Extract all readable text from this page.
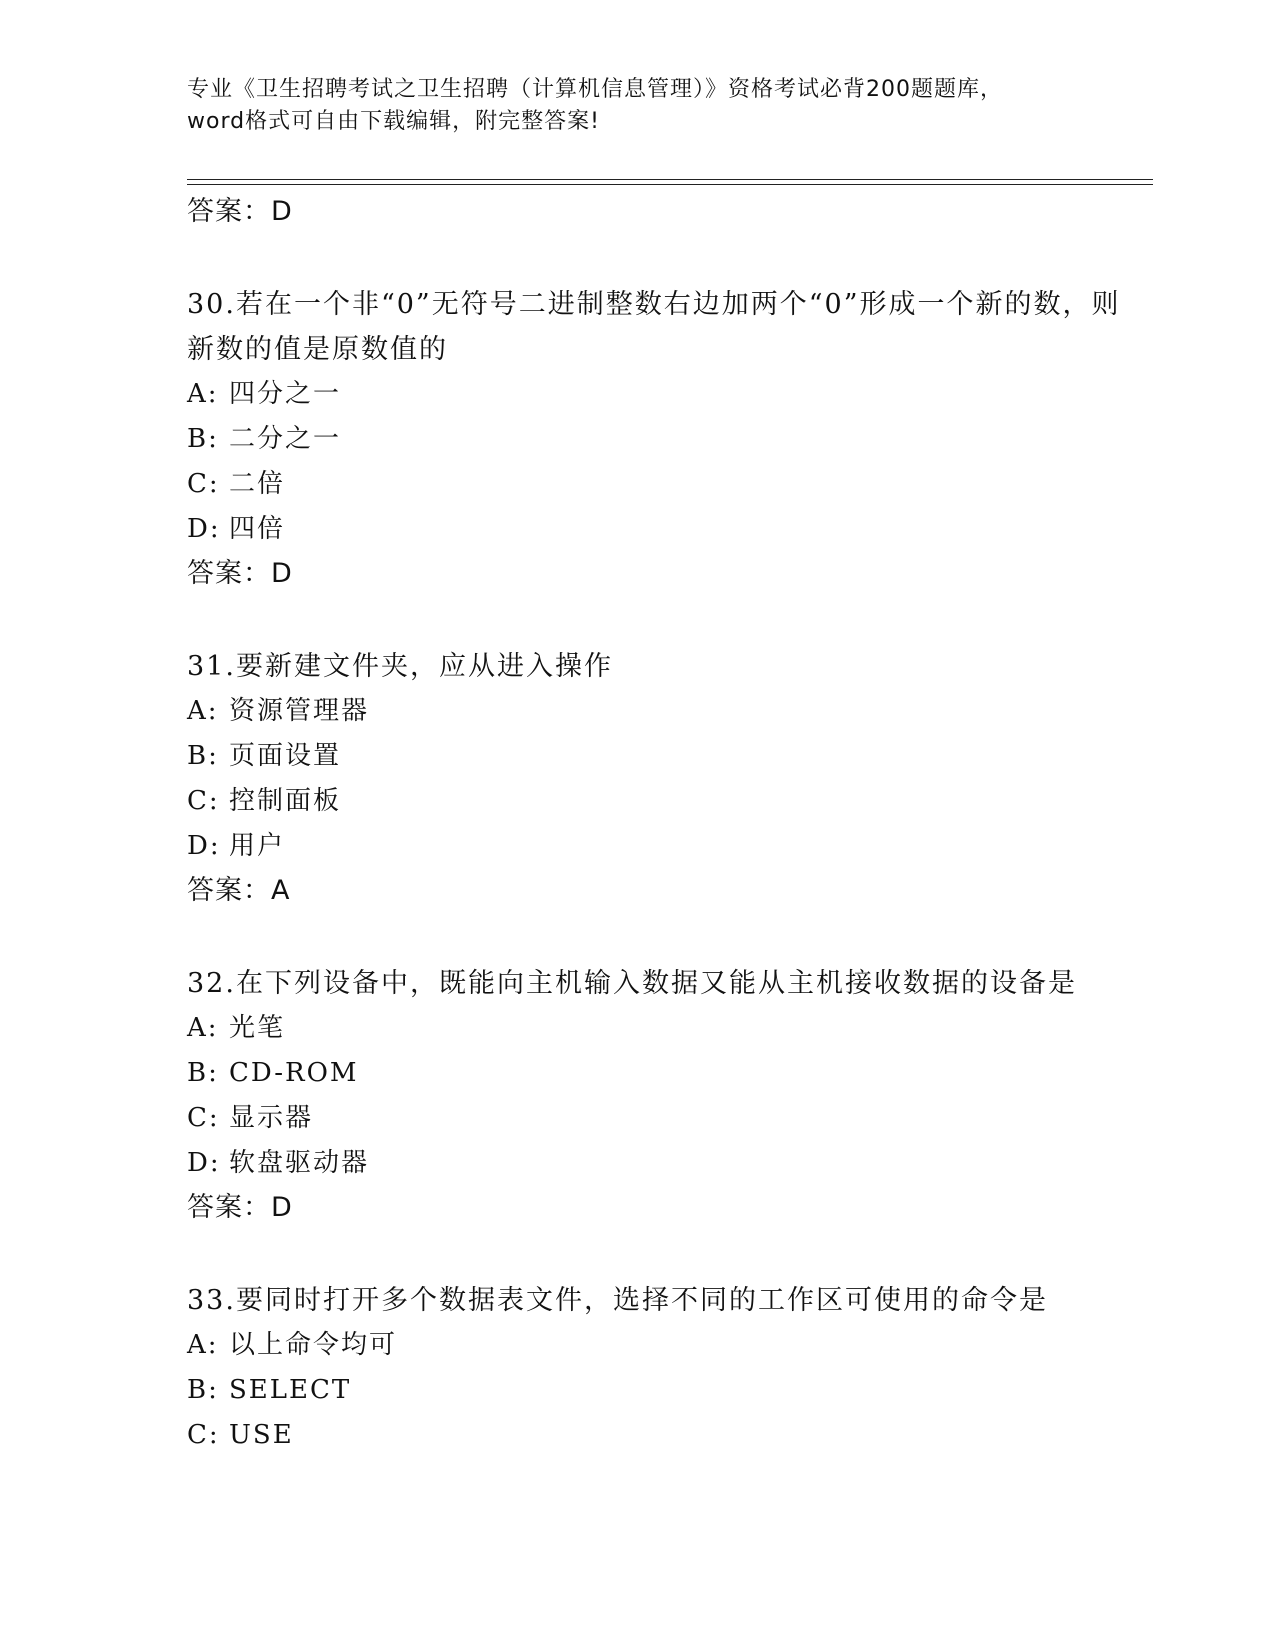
专业《卫生招聘考试之卫生招聘（计算机信息管理）》资格考试必背200题题库，
word格式可自由下载编辑，附完整答案!
答案：D
30.若在一个非“0”无符号二进制整数右边加两个“0”形成一个新的数，则新数的值是原数值的
A: 四分之一
B: 二分之一
C: 二倍
D: 四倍
答案：D
31.要新建文件夹，应从进入操作
A: 资源管理器
B: 页面设置
C: 控制面板
D: 用户
答案：A
32.在下列设备中，既能向主机输入数据又能从主机接收数据的设备是
A: 光笔
B: CD-ROM
C: 显示器
D: 软盘驱动器
答案：D
33.要同时打开多个数据表文件，选择不同的工作区可使用的命令是
A: 以上命令均可
B: SELECT
C: USE
